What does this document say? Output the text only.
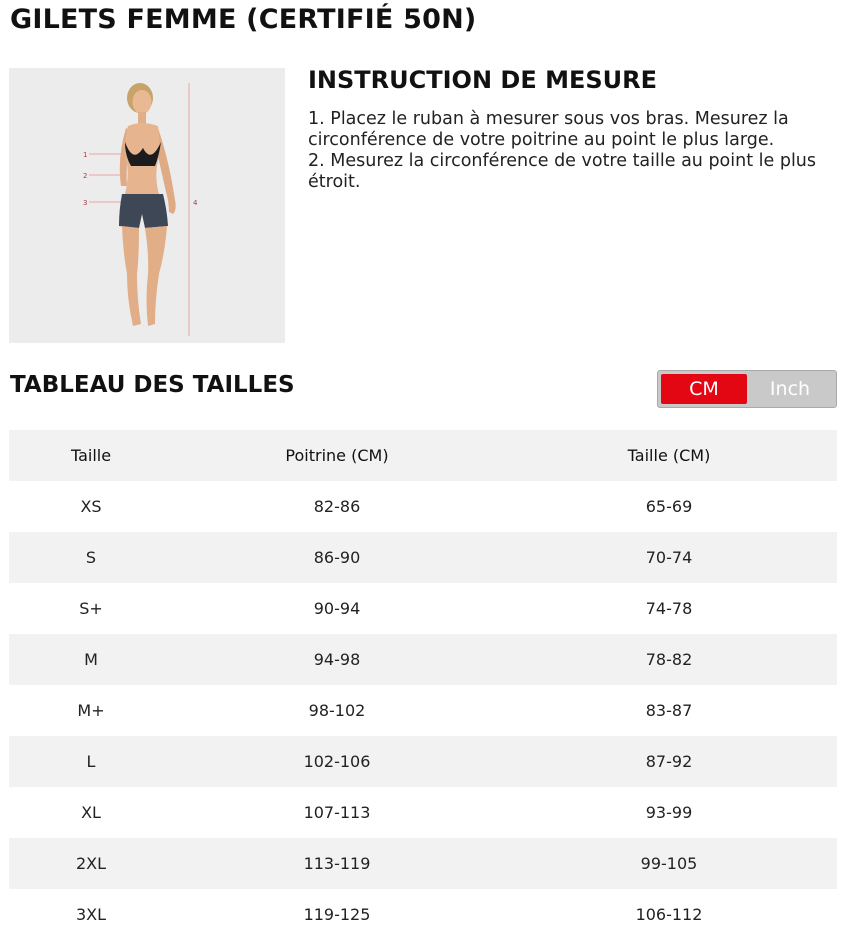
GILETS FEMME (CERTIFIÉ 50N)
1
2
3	4
INSTRUCTION DE MESURE

1. Placez le ruban à mesurer sous vos bras. Mesurez la circonférence de votre poitrine au point le plus large.

2. Mesurez la circonférence de votre taille au point le plus étroit.

TABLEAU DES TAILLES	CM	Inch
Taille	Poitrine (CM)	Taille (CM)
XS	82-86	65-69
S	86-90	70-74
S+	90-94	74-78
M	94-98	78-82
M+	98-102	83-87
L	102-106	87-92
XL	107-113	93-99
2XL	113-119	99-105
3XL	119-125	106-112
